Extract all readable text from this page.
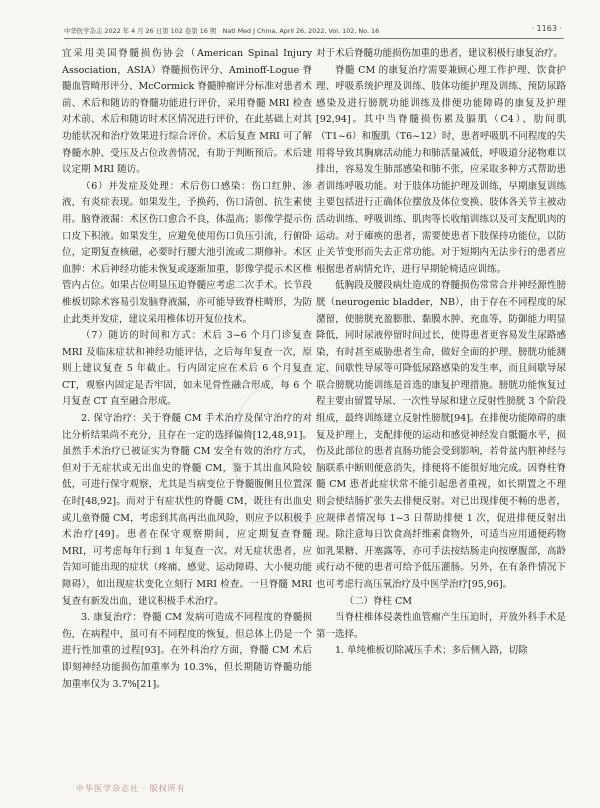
中华医学杂志 2022 年 4 月 26 日第 102 卷第 16 期　Natl Med J China, April 26, 2022, Vol. 102, No. 16	· 1163 ·

宜采用美国脊髓损伤协会（American Spinal Injury Association，ASIA）脊髓损伤评分、Aminoff-Logue 脊髓血管畸形评分、McCormick 脊髓肿瘤评分标准对患者术前、术后和随访的脊髓功能进行评价，采用脊髓 MRI 检查对术前、术后和随访时术区情况进行评价，在此基础上对其功能状况和治疗效果进行综合评价。术后复查 MRI 可了解脊髓水肿、受压及占位改善情况，有助于判断预后。术后建议定期 MRI 随访。

（6）并发症及处理：术后伤口感染：伤口红肿、渗液，有炎症表现。如果发生，予换药，伤口清创、抗生素使用。脑脊液漏：术区伤口愈合不良，体温高；影像学提示伤口皮下积液。如果发生，应避免使用伤口负压引流，行俯卧位，定期复查核磁，必要时行腰大池引流或二期修补。术区血肿：术后神经功能未恢复或逐渐加重，影像学提示术区椎管内占位。如果占位明显压迫脊髓应考虑二次手术。长节段椎板切除术容易引发脑脊液漏，亦可能导致脊柱畸形，为防止此类并发症，建议采用椎体切开复位技术。

（7）随访的时间和方式：术后 3~6 个月门诊复查 MRI 及临床症状和神经功能评估，之后每年复查一次，原则上建议复查 5 年截止。行内固定应在术后 6 个月复查 CT，观察内固定是否牢固，如未见骨性融合形成，每 6 个月复查 CT 直至融合形成。

2. 保守治疗：关于脊髓 CM 手术治疗及保守治疗的对比分析结果尚不充分，且存在一定的选择偏倚[12,48,91]。虽然手术治疗已被证实为脊髓 CM 安全有效的治疗方式，但对于无症状或无出血史的脊髓 CM，鉴于其出血风险较低，可进行保守观察，尤其是当病变位于脊髓腹侧且位置深在时[48,92]。而对于有症状性的脊髓 CM，既往有出血史或儿童脊髓 CM，考虑到其高再出血风险，则应予以积极手术治疗[49]。患者在保守观察期间，应定期复查脊髓 MRI，可考虑每年行到 1 年复查一次。对无症状患者，应告知可能出现的症状（疼痛、感觉、运动障碍、大小便功能障碍），如出现症状变化立刻行 MRI 检查。一旦脊髓 MRI 复查有新发出血，建议积极手术治疗。

3. 康复治疗：脊髓 CM 发病可造成不同程度的脊髓损伤，在病程中，虽可有不同程度的恢复，但总体上仍是一个进行性加重的过程[93]。在外科治疗方面，脊髓 CM 术后即刻神经功能损伤加重率为 10.3%，但长期随访脊髓功能加重率仅为 3.7%[21]。

对于术后脊髓功能损伤加重的患者，建议积极行康复治疗。

脊髓 CM 的康复治疗需要兼顾心理工作护理、饮食护理、呼吸系统护理及训练、肢体功能护理及训练、预防尿路感染及进行膀胱功能训练及排便功能障碍的康复及护理[92,94]。其中当脊髓损伤累及膈肌（C4）、肋间肌（T1~6）和腹肌（T6~12）时，患者呼吸肌不同程度的失用将导致其胸廓活动能力和肺活量减低，呼吸道分泌物难以排出，容易发生肺部感染和肺不张，应采取多种方式帮助患者训练呼吸功能。对于肢体功能护理及训练，早期康复训练主要包括进行正确体位摆放及体位变换、肢体各关节主被动活动训练、呼吸训练、肌肉等长收缩训练以及可支配肌肉的运动。对于瘫痪的患者，需要使患者下肢保持功能位，以防止关节变形而失去正常功能。对于短期内无法步行的患者应根据患者病情允许，进行早期轮椅适应训练。

低胸段及腰段病灶造成的脊髓损伤常常合并神经源性膀胱（neurogenic bladder，NB），由于存在不同程度的尿潴留，使膀胱充盈膨胀、黏膜水肿、充血等，防御能力明显降低，同时尿液停留时间过长，使得患者更容易发生尿路感染，有时甚至威胁患者生命，做好全面的护理、膀胱功能测定、间歇性导尿等可降低尿路感染的发生率，而且间歇导尿联合膀胱功能训练是首选的康复护理措施。膀胱功能恢复过程主要由留置导尿、一次性导尿和建立反射性膀胱 3 个阶段组成，最终训练建立反射性膀胱[94]。在排便功能障碍的康复及护理上，支配排便的运动和感觉神经发自骶髓水平，损伤及此部位的患者直肠功能会受到影响，若骨盆内脏神经与脑联系中断则便意消失，排便将不能很好地完成。因脊柱脊髓 CM 患者此症状常不能引起患者重视，如长期置之不理则会使结肠扩张失去排便反射。对已出现排便不畅的患者，应规律者情况每 1~3 日帮助排便 1 次，促进排便反射出现。除注意每日饮食高纤维素食物外，可适当应用通便药物如乳果糖、开塞露等，亦可手法按结肠走向按摩腹部，高龄或行动不便的患者可给予低压灌肠。另外，在有条件情况下也可考虑行高压氧治疗及中医学治疗[95,96]。

（二）脊柱 CM

当脊柱椎体侵袭性血管瘤产生压迫时，开放外科手术是第一选择。

1. 单纯椎板切除减压手术；多后侧入路，切除

中华医学杂志社 · 版权所有
